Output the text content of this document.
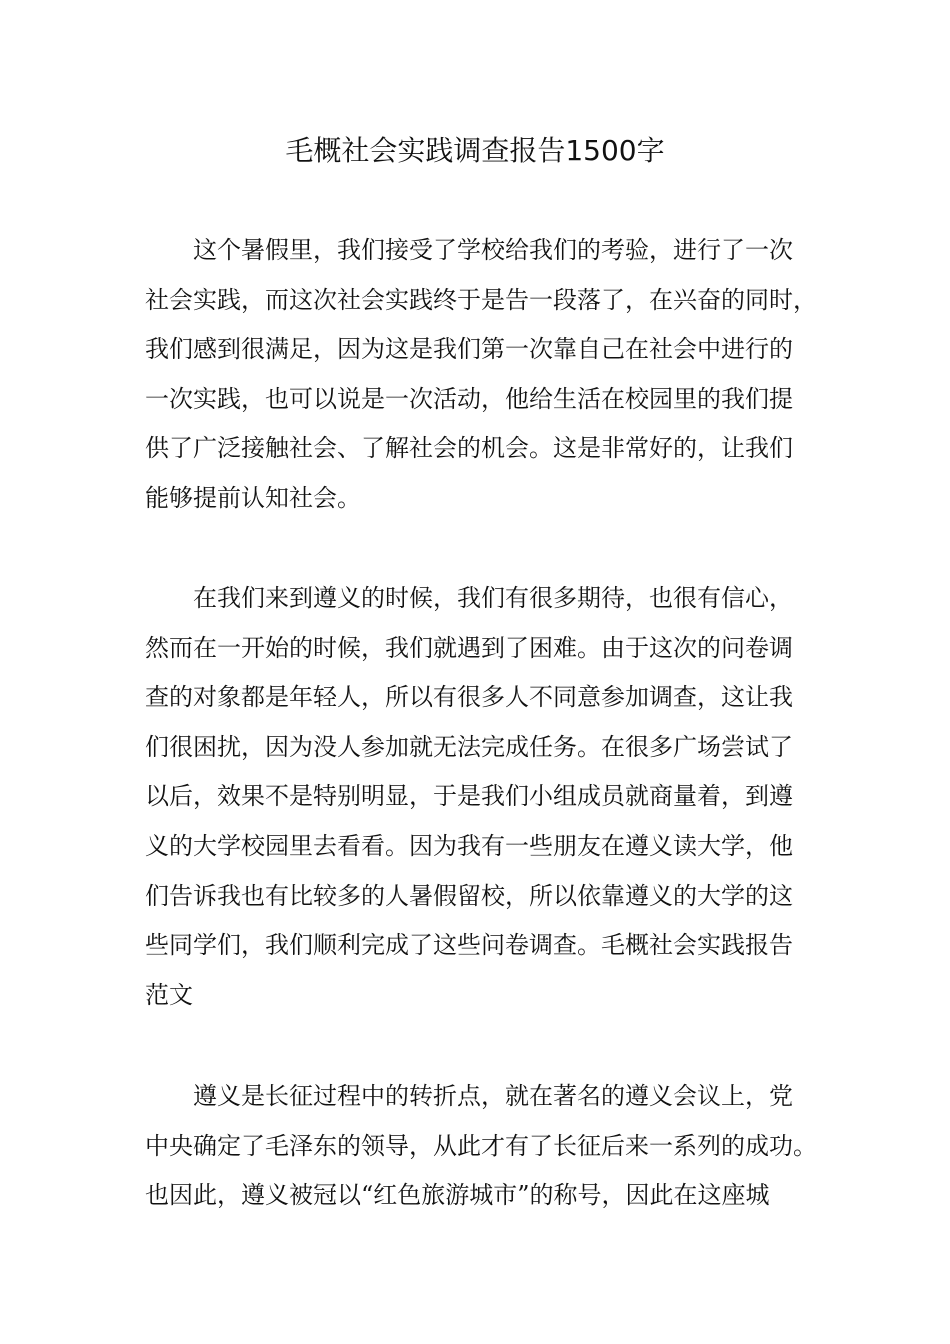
毛概社会实践调查报告1500字

这个暑假里，我们接受了学校给我们的考验，进行了一次
社会实践，而这次社会实践终于是告一段落了，在兴奋的同时，
我们感到很满足，因为这是我们第一次靠自己在社会中进行的
一次实践，也可以说是一次活动，他给生活在校园里的我们提
供了广泛接触社会、了解社会的机会。这是非常好的，让我们
能够提前认知社会。

在我们来到遵义的时候，我们有很多期待，也很有信心，
然而在一开始的时候，我们就遇到了困难。由于这次的问卷调
查的对象都是年轻人，所以有很多人不同意参加调查，这让我
们很困扰，因为没人参加就无法完成任务。在很多广场尝试了
以后，效果不是特别明显，于是我们小组成员就商量着，到遵
义的大学校园里去看看。因为我有一些朋友在遵义读大学，他
们告诉我也有比较多的人暑假留校，所以依靠遵义的大学的这
些同学们，我们顺利完成了这些问卷调查。毛概社会实践报告
范文

遵义是长征过程中的转折点，就在著名的遵义会议上，党
中央确定了毛泽东的领导，从此才有了长征后来一系列的成功。
也因此，遵义被冠以“红色旅游城市”的称号，因此在这座城
